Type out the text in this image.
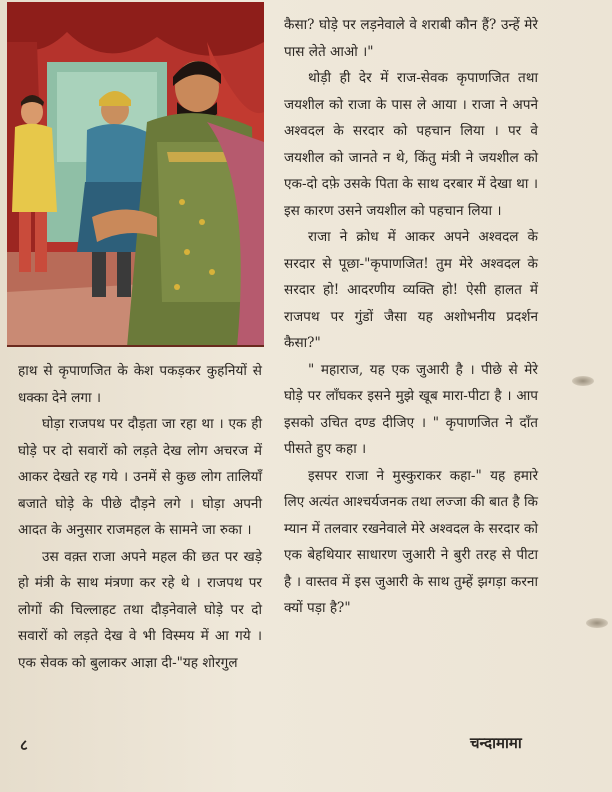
हाथ से कृपाणजित के केश पकड़कर कुहनियों से धक्का देने लगा ।

घोड़ा राजपथ पर दौड़ता जा रहा था । एक ही घोड़े पर दो सवारों को लड़ते देख लोग अचरज में आकर देखते रह गये । उनमें से कुछ लोग तालियाँ बजाते घोड़े के पीछे दौड़ने लगे । घोड़ा अपनी आदत के अनुसार राजमहल के सामने जा रुका ।

उस वक़्त राजा अपने महल की छत पर खड़े हो मंत्री के साथ मंत्रणा कर रहे थे । राजपथ पर लोगों की चिल्लाहट तथा दौड़नेवाले घोड़े पर दो सवारों को लड़ते देख वे भी विस्मय में आ गये । एक सेवक को बुलाकर आज्ञा दी-"यह शोरगुल

कैसा? घोड़े पर लड़नेवाले वे शराबी कौन हैं? उन्हें मेरे पास लेते आओ ।"

थोड़ी ही देर में राज-सेवक कृपाणजित तथा जयशील को राजा के पास ले आया । राजा ने अपने अश्वदल के सरदार को पहचान लिया । पर वे जयशील को जानते न थे, किंतु मंत्री ने जयशील को एक-दो दफ़े उसके पिता के साथ दरबार में देखा था । इस कारण उसने जयशील को पहचान लिया ।

राजा ने क्रोध में आकर अपने अश्वदल के सरदार से पूछा-"कृपाणजित! तुम मेरे अश्वदल के सरदार हो! आदरणीय व्यक्ति हो! ऐसी हालत में राजपथ पर गुंडों जैसा यह अशोभनीय प्रदर्शन कैसा?"

" महाराज, यह एक जुआरी है । पीछे से मेरे घोड़े पर लाँघकर इसने मुझे खूब मारा-पीटा है । आप इसको उचित दण्ड दीजिए । " कृपाणजित ने दाँत पीसते हुए कहा ।

इसपर राजा ने मुस्कुराकर कहा-" यह हमारे लिए अत्यंत आश्चर्यजनक तथा लज्जा की बात है कि म्यान में तलवार रखनेवाले मेरे अश्वदल के सरदार को एक बेहथियार साधारण जुआरी ने बुरी तरह से पीटा है । वास्तव में इस जुआरी के साथ तुम्हें झगड़ा करना क्यों पड़ा है?"

८	चन्दामामा
